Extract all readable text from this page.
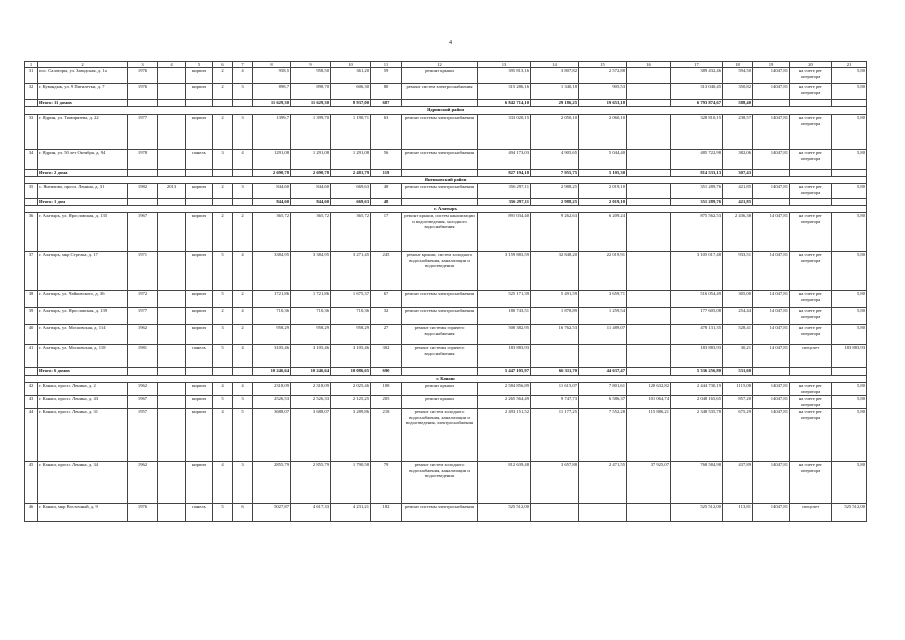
4
1	2	3	4	5	6	7	8	9	10	11	12	13	14	15	16	17	18	19	20	21
31	пос. Салаторы, ул. Заводская, д. 1а	1976		кирпич	2	4	958,5	958,50	361,20	59	ремонт крыши	395 813,16	3 807,82	2 572,88		389 432,46	594,50	14047,81	на счете рег оператора	5,80
32	г. Кувандык, ул. 9 Пятилетки, д. 7	1976		кирпич	2	3	898,7	898,70	606,30	80	ремонт систем электроснабжения	315 286,16	1 340,18	905,53		313 040,45	350,82	14047,81	на счете рег оператора	5,80
	Итого: 11 домов						11 629,30	11 629,30	8 937,00	687		6 842 714,10	29 186,25	19 653,18		6 793 874,67	588,40			
Ядринский район																				
33	г. Ядрин, ул. Тимирязева, д. 22	1977		кирпич	2	3	1399,7	1 399,70	1 190,71	63	ремонт системы электроснабжения	333 020,15	2 050,10	2 060,10		328 810,15	238,57	14047,81	на счете рег оператора	5,80
34	г. Ядрин, ул. 50 лет Октября, д. 94	1978		панель	3	4	1291,08	1 291,08	1 291,08	56	ремонт системы электроснабжения	494 173,03	4 905,65	5 044,40		485 722,98	382,06	14047,81	на счете рег оператора	5,80
	Итого: 2 дома						2 690,78	2 690,78	2 481,79	119		827 194,18	7 955,75	5 105,30		814 533,13	307,43			
Янтиковский район																				
35	с. Янтиково, просп. Ленина, д. 31	1982	2013	кирпич	2	3	844,60	844,60	669,63	48	ремонт системы электроснабжения	356 297,11	2 988,25	2 019,10		351 289,76	421,85	14047,81	на счете рег оператора	5,80
	Итого: 1 дом						844,60	844,60	669,63	48		356 297,11	2 988,25	2 019,10		351 289,76	421,85			
г. Алатырь																				
36	г. Алатырь, ул. Ярославская, д. 135	1967		кирпич	2	2	365,72	365,72	365,72	17	ремонт крыши, систем канализации и водоотведения, холодного водоснабжения	891 034,40	9 262,63	6 209,24		875 562,53	2 436,38	14 047,81	на счете рег оператора	5,80
37	г. Алатырь, мкр Стрелка, д. 17	1971		кирпич	5	4	3384,95	3 384,95	3 271,45	245	ремонт крыши, систем холодного водоснабжения, канализации и водоотведения	3 159 883,59	32 848,20	22 019,91		3 105 017,48	933,51	14 047,81	на счете рег оператора	5,80
38	г. Алатырь, ул. Чайковского, д. 36	1972		кирпич	5	2	1721,86	1 721,86	1 675,37	67	ремонт системы электроснабжения	525 171,39	5 491,59	3 659,71		516 054,49	305,00	14 047,81	на счете рег оператора	5,80
39	г. Алатырь, ул. Ярославская, д. 139	1977		кирпич	2	4	710,36	710,36	710,36	32	ремонт системы электроснабжения	180 743,51	1 878,89	1 259,54		177 605,08	254,44	14 047,81	на счете рег оператора	5,80
40	г. Алатырь, ул. Московская, д. 114	1962		кирпич	3	2	958,29	958,29	958,29	27	ремонт системы горячего водоснабжения	500 382,95	16 762,53	11 489,07		478 131,35	528,41	14 047,81	на счете рег оператора	5,80
41	г. Алатырь, ул. Московская, д. 118	1981		панель	5	4	3105,46	3 105,46	3 105,46	302	ремонт системы горячего водоснабжения	183 883,93				183 883,93	30,21	14 047,81	спецсчет	183 883,93
	Итого: 6 домов						10 246,64	10 246,64	10 086,65	690		5 447 105,97	66 311,70	44 637,47		5 336 256,80	531,60			
г. Канаш																				
42	г. Канаш, просп. Ленина, д. 2	1962		кирпич	4	4	2318,09	2 318,09	2 025,46	108	ремонт крыши	2 584 856,89	11 615,07	7 801,61	120 632,82	2 444 730,19	1115,08	14047,81	на счете рег оператора	5,80
43	г. Канаш, просп. Ленина, д. 43	1967		кирпич	5	3	2526,53	2 526,33	2 125,25	205	ремонт крыши	2 265 564,49	9 747,73	6 586,37	101 064,74	2 048 165,65	857,20	14047,81	на счете рег оператора	5,80
44	г. Канаш, просп. Ленина, д. 31	1957		кирпич	4	5	3688,07	3 688,07	3 289,86	218	ремонт систем холодного водоснабжения, канализации и водоотведения, электроснабжения	2 493 151,52	11 177,25	7 552,28	115 886,21	2 348 535,78	675,29	14047,81	на счете рег оператора	5,80
45	г. Канаш, просп. Ленина, д. 34	1962		кирпич	4	3	2855,79	2 855,79	1 790,58	79	ремонт систем холодного водоснабжения, канализации и водоотведения	812 639,48	3 657,88	2 471,55	37 925,07	768 584,98	437,89	14047,81	на счете рег оператора	5,80
46	г. Канаш, мкр Восточный, д. 9	1976		панель	5	6	5027,87	4 617,33	4 231,21	182	ремонт системы электроснабжения	525 512,00				525 512,00	113,81	14047,81	спецсчет	525 512,00
